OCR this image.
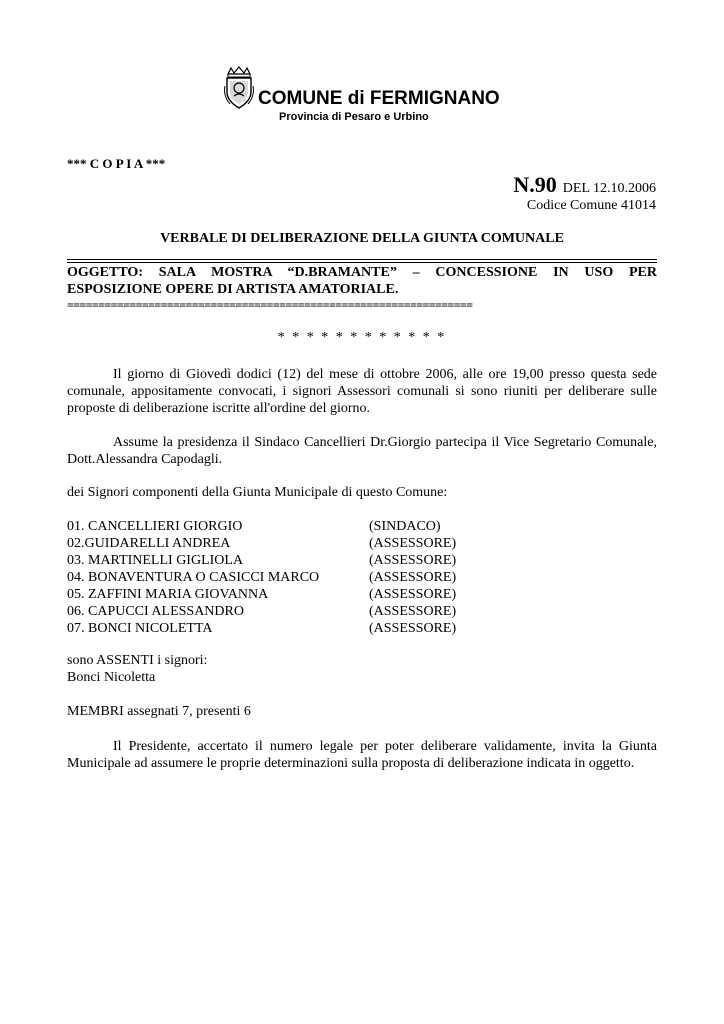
COMUNE di FERMIGNANO
Provincia di Pesaro e Urbino
*** C O P I A ***
N.90 DEL 12.10.2006
Codice Comune 41014
VERBALE DI DELIBERAZIONE DELLA GIUNTA COMUNALE
OGGETTO: SALA MOSTRA “D.BRAMANTE” – CONCESSIONE IN USO PER ESPOSIZIONE OPERE DI ARTISTA AMATORIALE.
=================================================================
* * * * * * * * * * * *
Il giorno di Giovedì dodici (12) del mese di ottobre 2006, alle ore 19,00 presso questa sede comunale, appositamente convocati, i signori Assessori comunali si sono riuniti per deliberare sulle proposte di deliberazione iscritte all'ordine del giorno.
Assume la presidenza il Sindaco Cancellieri Dr.Giorgio partecipa il Vice Segretario Comunale, Dott.Alessandra Capodagli.
dei Signori componenti della Giunta Municipale di questo Comune:
01. CANCELLIERI GIORGIO	(SINDACO)
02.GUIDARELLI ANDREA	(ASSESSORE)
03. MARTINELLI GIGLIOLA	(ASSESSORE)
04. BONAVENTURA O CASICCI MARCO	(ASSESSORE)
05. ZAFFINI MARIA GIOVANNA	(ASSESSORE)
06. CAPUCCI ALESSANDRO	(ASSESSORE)
07. BONCI NICOLETTA	(ASSESSORE)
sono ASSENTI i signori:
Bonci Nicoletta
MEMBRI assegnati 7, presenti 6
Il Presidente, accertato il numero legale per poter deliberare validamente, invita la Giunta Municipale ad assumere le proprie determinazioni sulla proposta di deliberazione indicata in oggetto.
